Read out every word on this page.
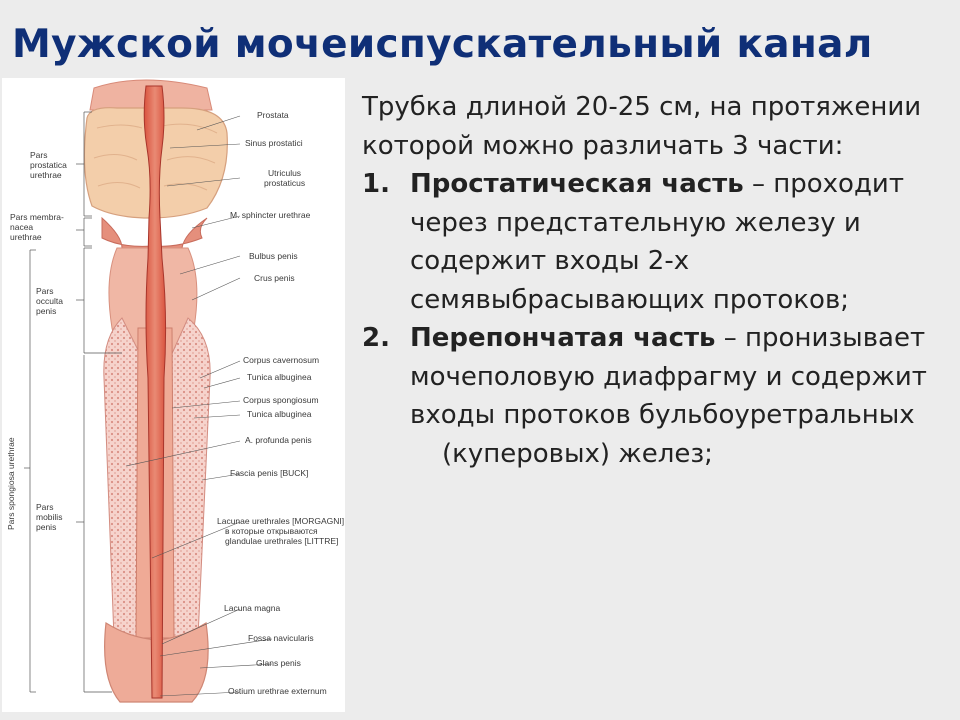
Мужской мочеиспускательный канал
Prostata
Sinus prostatici
Utriculus
prostaticus
M. sphincter urethrae
Bulbus penis
Crus penis
Corpus cavernosum
Tunica albuginea
Corpus spongiosum
Tunica albuginea
A. profunda penis
Fascia penis [BUCK]
Lacunae urethrales [MORGAGNI]
в которые открываются
glandulae urethrales [LITTRE]
Lacuna magna
Fossa navicularis
Glans penis
Ostium urethrae externum
Pars
prostatica
urethrae
Pars membra-
nacea
urethrae
Pars
occulta
penis
Pars
mobilis
penis
Pars spongiosa urethrae

Трубка длиной 20-25 см, на протяжении которой можно различать 3 части:

1. Простатическая часть – проходит через предстательную железу и содержит входы 2-х семявыбрасывающих протоков;
2. Перепончатая часть – пронизывает мочеполовую диафрагму и содержит входы протоков бульбоуретральных
(куперовых) желез;
